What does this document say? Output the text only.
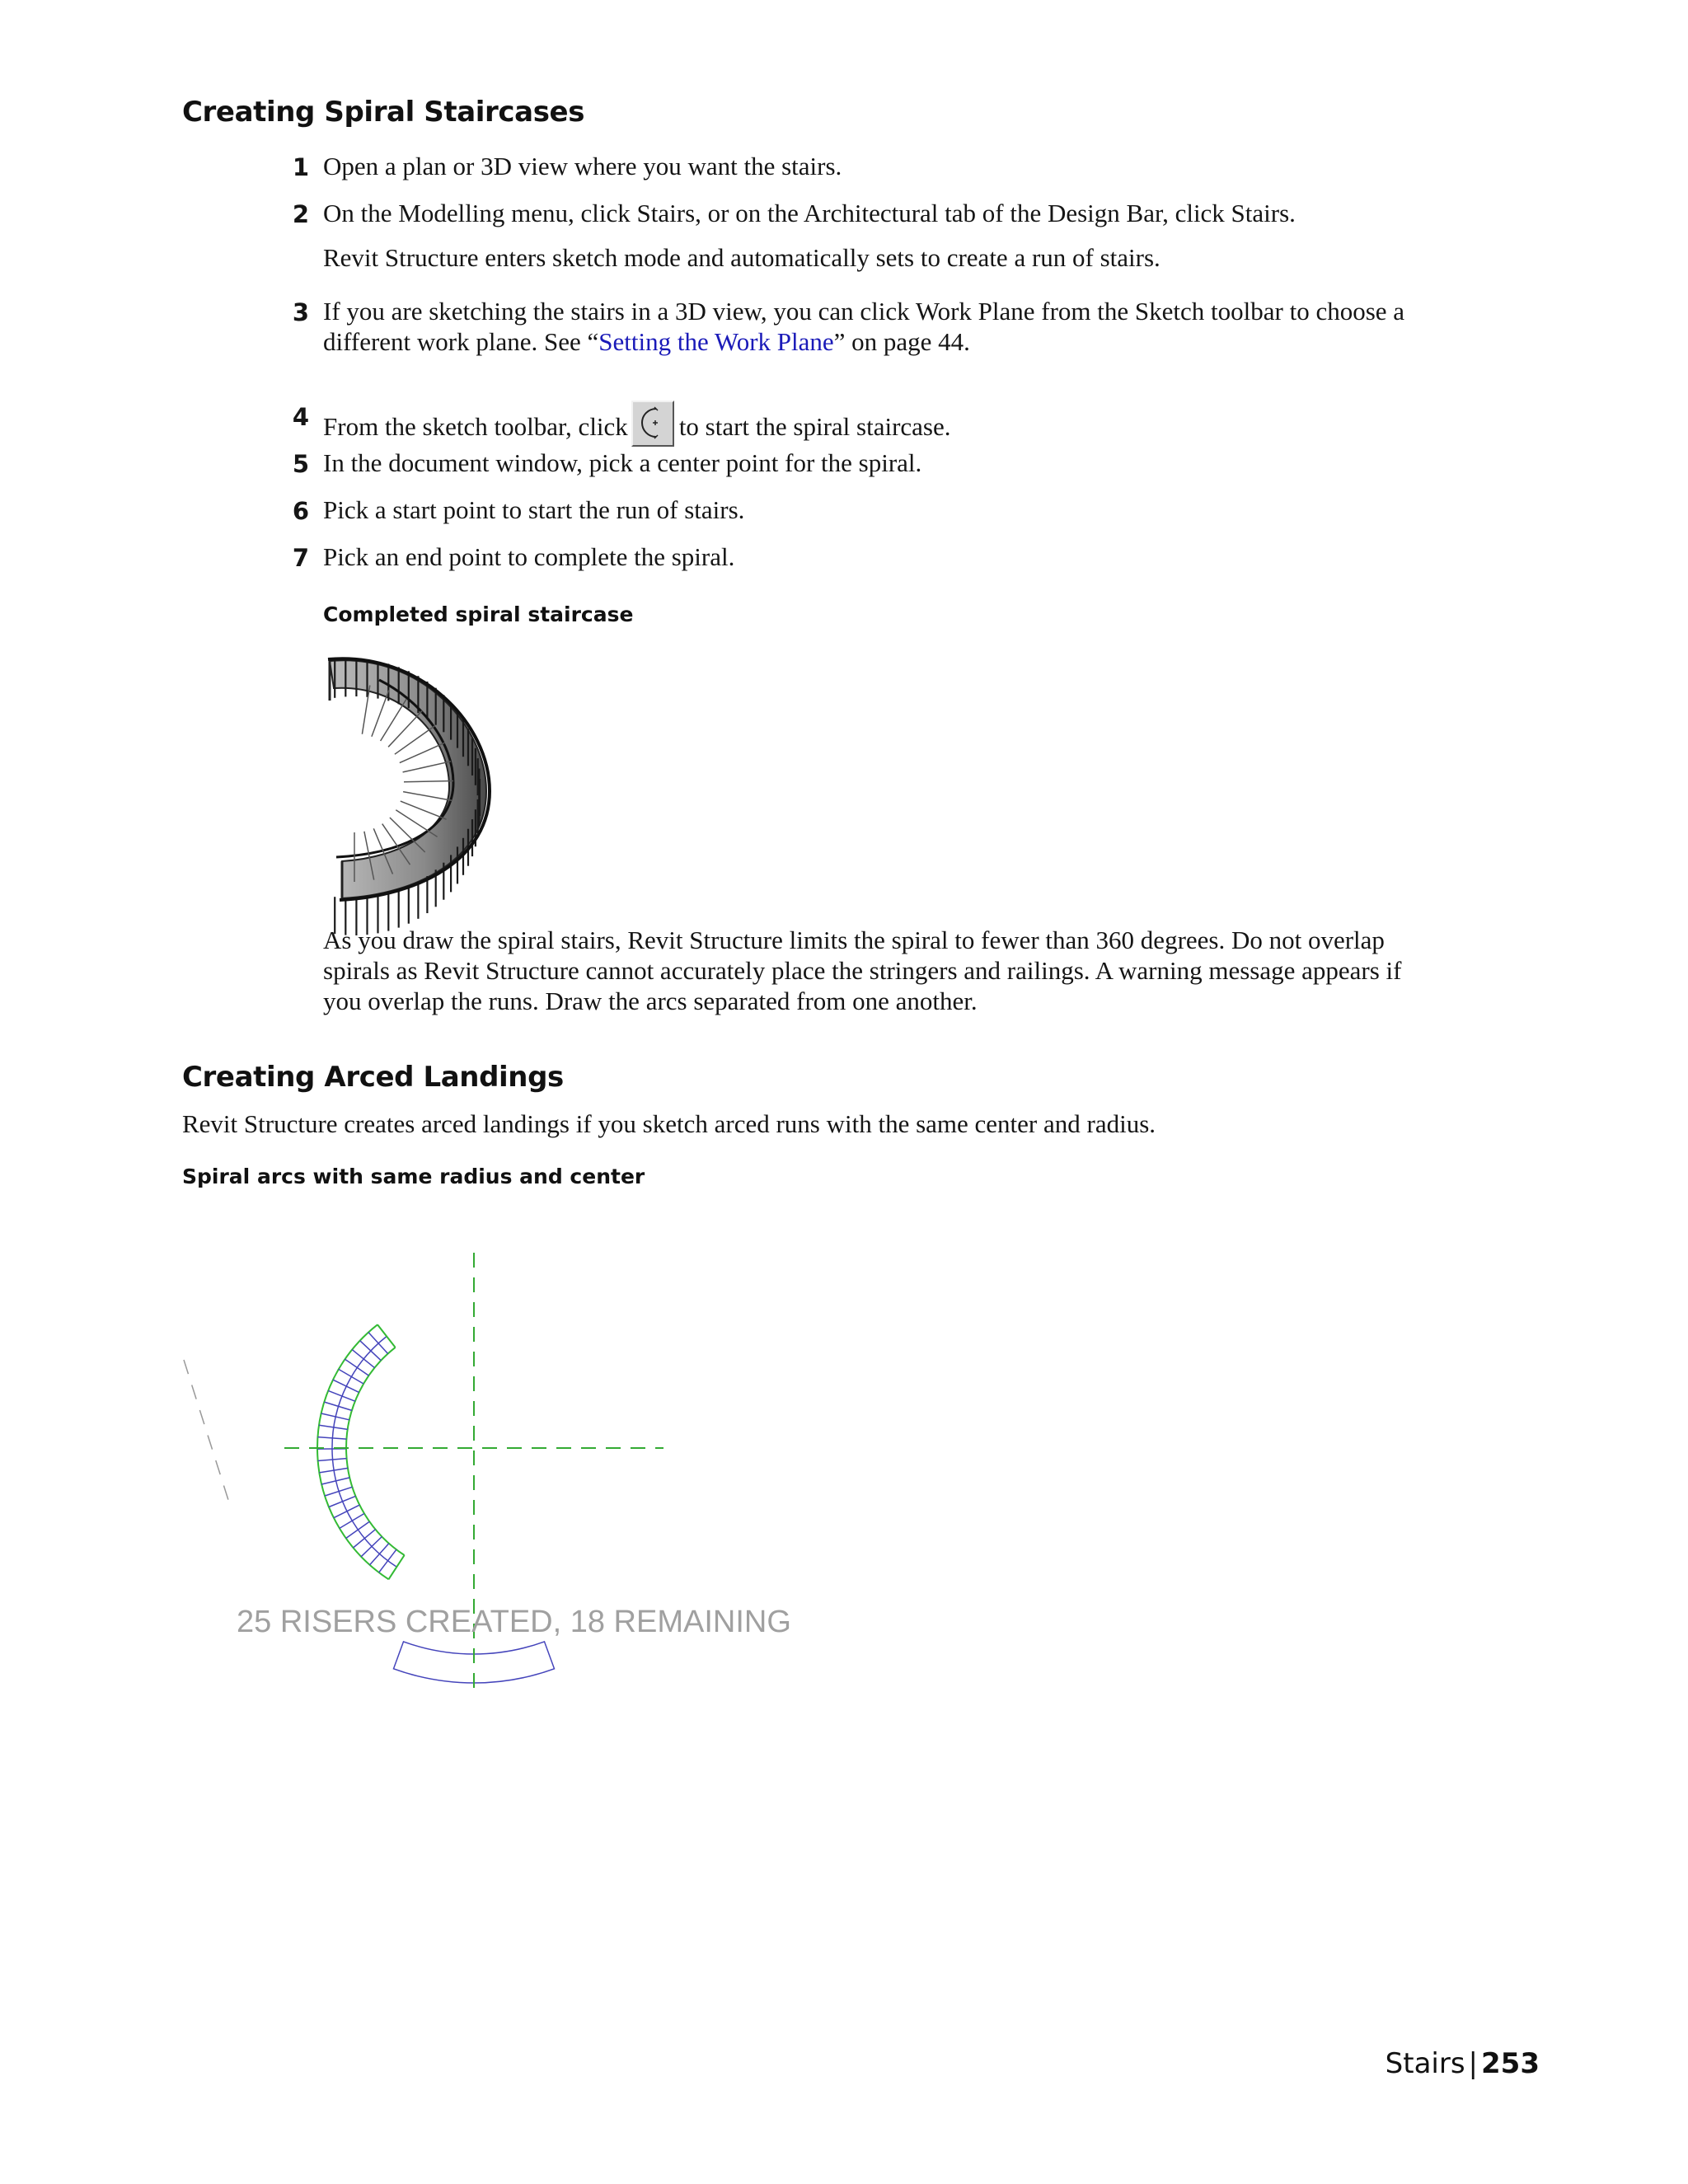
Creating Spiral Staircases
1 Open a plan or 3D view where you want the stairs.
2 On the Modelling menu, click Stairs, or on the Architectural tab of the Design Bar, click Stairs.
Revit Structure enters sketch mode and automatically sets to create a run of stairs.
3 If you are sketching the stairs in a 3D view, you can click Work Plane from the Sketch toolbar to choose a
different work plane. See “Setting the Work Plane” on page 44.
4 From the sketch toolbar, click to start the spiral staircase.
5 In the document window, pick a center point for the spiral.
6 Pick a start point to start the run of stairs.
7 Pick an end point to complete the spiral.
Completed spiral staircase
As you draw the spiral stairs, Revit Structure limits the spiral to fewer than 360 degrees. Do not overlap
spirals as Revit Structure cannot accurately place the stringers and railings. A warning message appears if
you overlap the runs. Draw the arcs separated from one another.
Creating Arced Landings
Revit Structure creates arced landings if you sketch arced runs with the same center and radius.
Spiral arcs with same radius and center
25 RISERS CREATED, 18 REMAINING
Stairs | 253
